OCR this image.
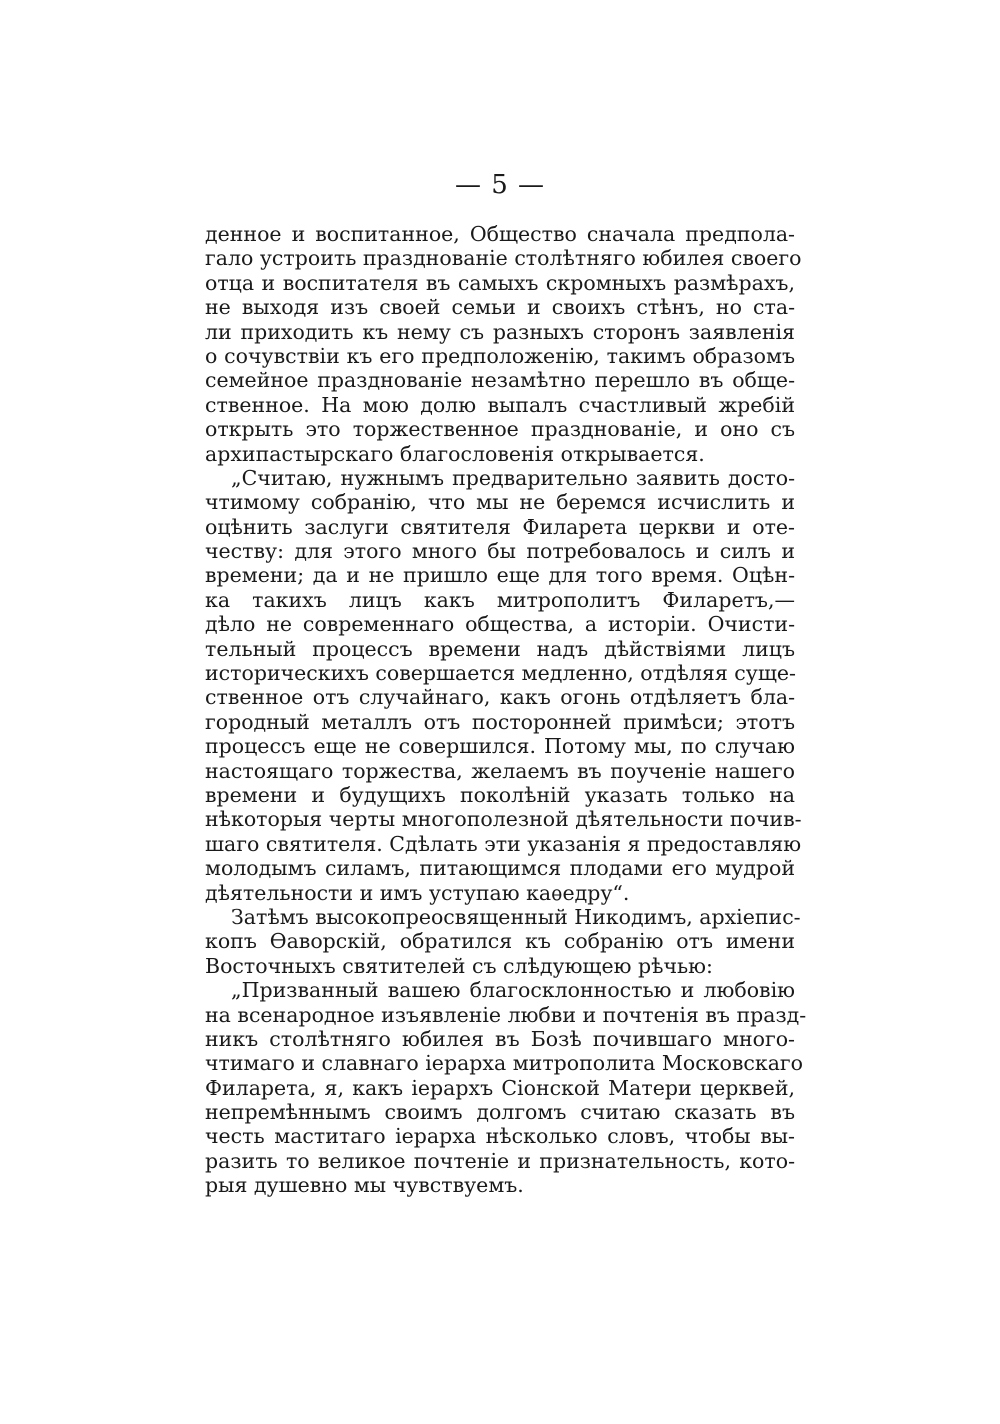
— 5 —
денное и воспитанное, Общество сначала предпола-
гало устроить празднованіе столѣтняго юбилея своего
отца и воспитателя въ самыхъ скромныхъ размѣрахъ,
не выходя изъ своей семьи и своихъ стѣнъ, но ста-
ли приходить къ нему съ разныхъ сторонъ заявленія
о сочувствіи къ его предположенію, такимъ образомъ
семейное празднованіе незамѣтно перешло въ обще-
ственное. На мою долю выпалъ счастливый жребій
открыть это торжественное празднованіе, и оно съ
архипастырскаго благословенія открывается.
„Считаю, нужнымъ предварительно заявить досто-
чтимому собранію, что мы не беремся исчислить и
оцѣнить заслуги святителя Филарета церкви и оте-
честву: для этого много бы потребовалось и силъ и
времени; да и не пришло еще для того время. Оцѣн-
ка такихъ лицъ какъ митрополитъ Филаретъ,—
дѣло не современнаго общества, а исторіи. Очисти-
тельный процессъ времени надъ дѣйствіями лицъ
историческихъ совершается медленно, отдѣляя суще-
ственное отъ случайнаго, какъ огонь отдѣляетъ бла-
городный металлъ отъ посторонней примѣси; этотъ
процессъ еще не совершился. Потому мы, по случаю
настоящаго торжества, желаемъ въ поученіе нашего
времени и будущихъ поколѣній указать только на
нѣкоторыя черты многополезной дѣятельности почив-
шаго святителя. Сдѣлать эти указанія я предоставляю
молодымъ силамъ, питающимся плодами его мудрой
дѣятельности и имъ уступаю каѳедру“.
Затѣмъ высокопреосвященный Никодимъ, архіепис-
копъ Ѳаворскій, обратился къ собранію отъ имени
Восточныхъ святителей съ слѣдующею рѣчью:
„Призванный вашею благосклонностью и любовію
на всенародное изъявленіе любви и почтенія въ празд-
никъ столѣтняго юбилея въ Бозѣ почившаго много-
чтимаго и славнаго іерарха митрополита Московскаго
Филарета, я, какъ іерархъ Сіонской Матери церквей,
непремѣннымъ своимъ долгомъ считаю сказать въ
честь маститаго іерарха нѣсколько словъ, чтобы вы-
разить то великое почтеніе и признательность, кото-
рыя душевно мы чувствуемъ.
